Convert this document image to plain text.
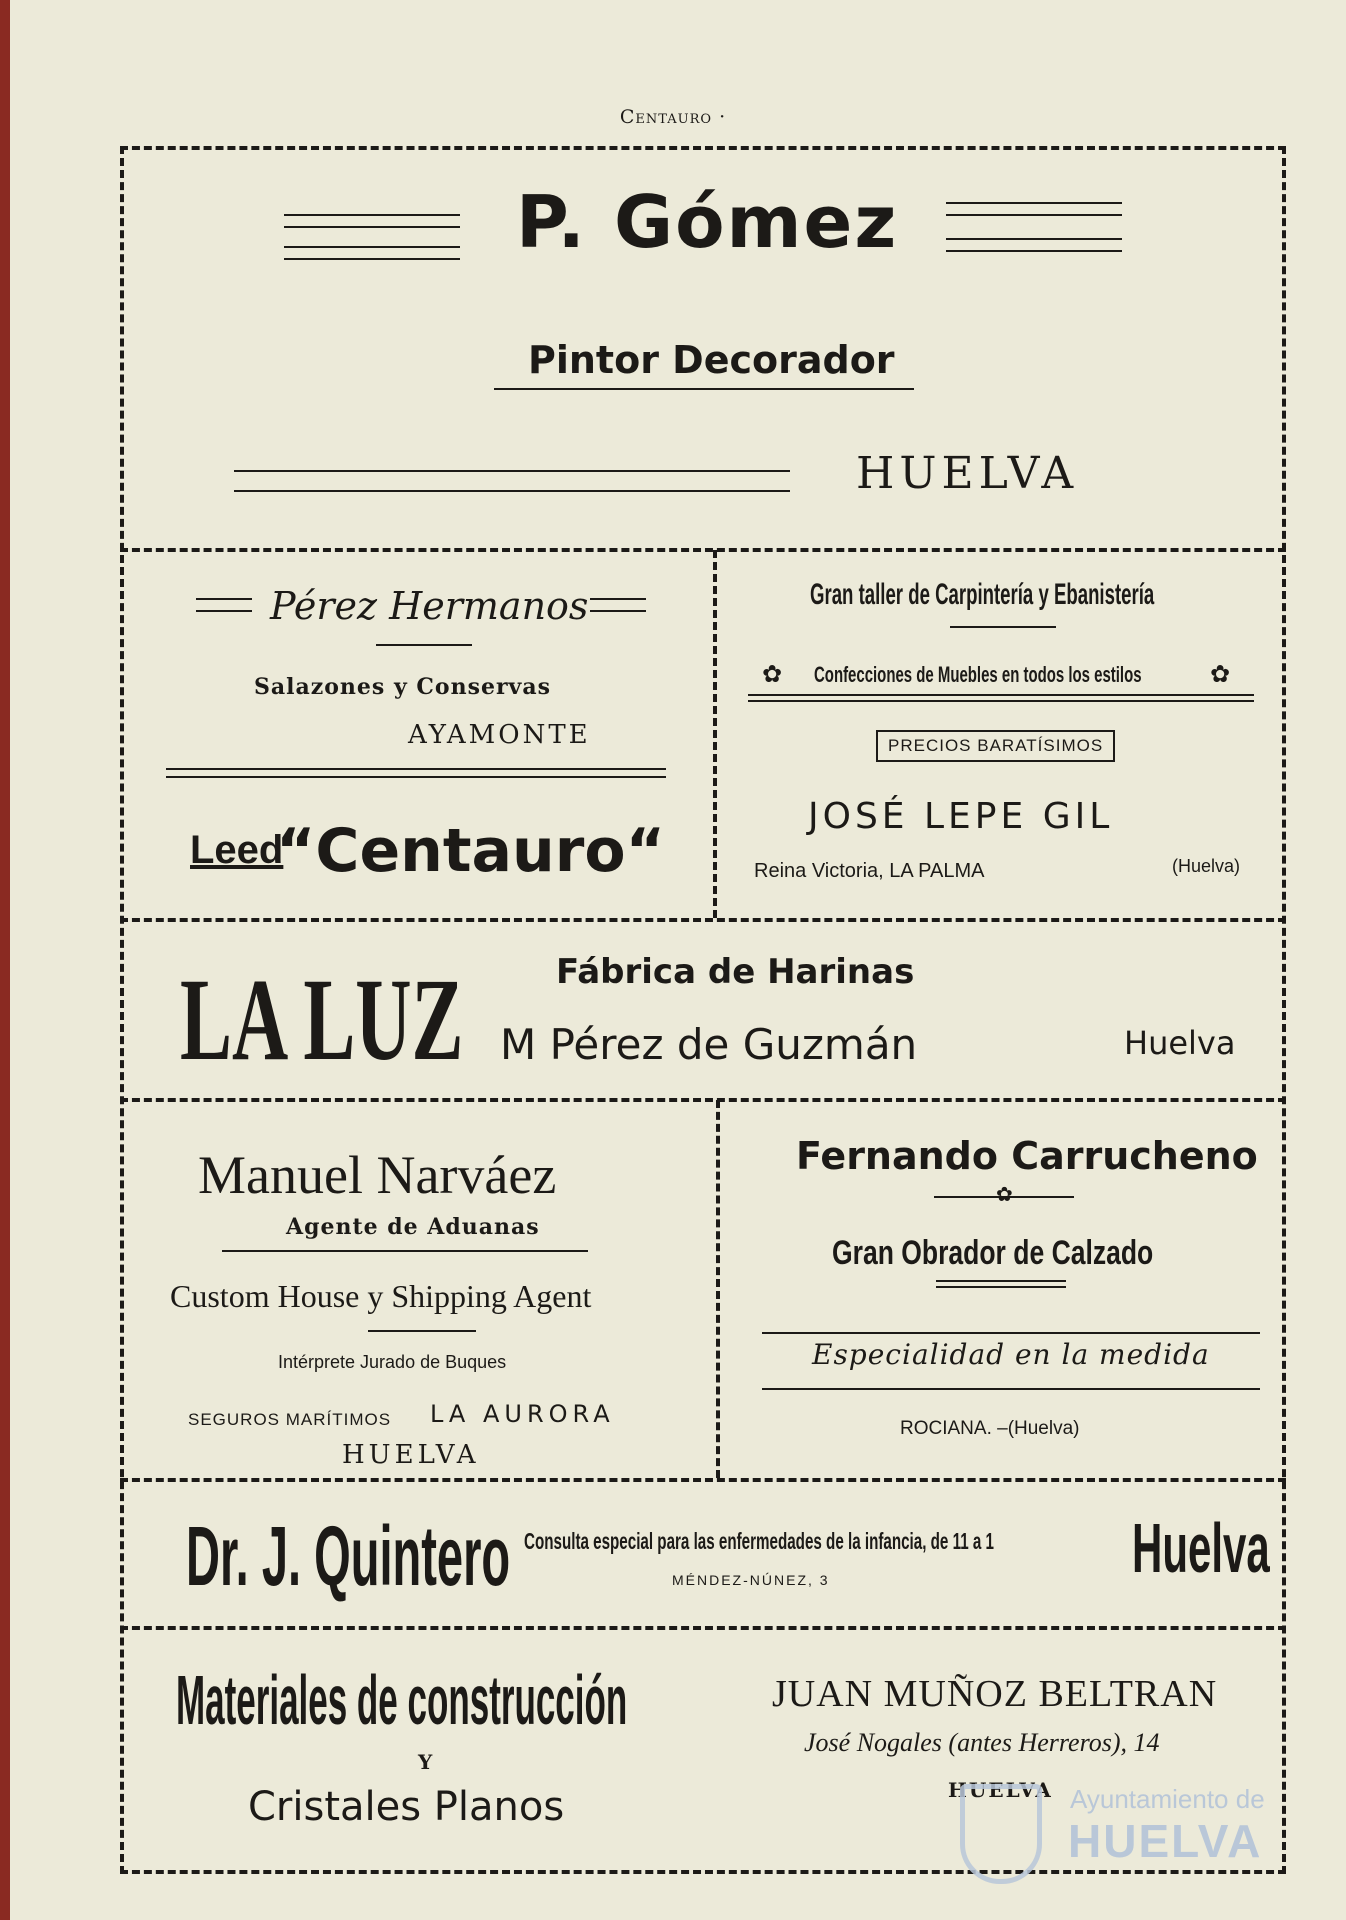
Centauro ·
P. Gómez
Pintor Decorador
HUELVA
Pérez Hermanos
Salazones y Conservas
AYAMONTE
Leed
“Centauro“
Gran taller de Carpintería y Ebanistería
✿ Confecciones de Muebles en todos los estilos	✿
PRECIOS BARATÍSIMOS
JOSÉ LEPE GIL
Reina Victoria, LA PALMA	(Huelva)
LA LUZ	Fábrica de Harinas
M Pérez de Guzmán	Huelva
Manuel Narváez
Agente de Aduanas
Custom House y Shipping Agent
Intérprete Jurado de Buques
SEGUROS MARÍTIMOS LA AURORA
HUELVA
Fernando Carrucheno
✿
Gran Obrador de Calzado
Especialidad en la medida
ROCIANA. –(Huelva)
Dr. J. Quintero Consulta especial para las enfermedades de la infancia, de 11 a 1
MÉNDEZ-NÚNEZ, 3	Huelva
Materiales de construcción
Y
Cristales Planos
JUAN MUÑOZ BELTRAN
José Nogales (antes Herreros), 14
HUELVA Ayuntamiento de
HUELVA
